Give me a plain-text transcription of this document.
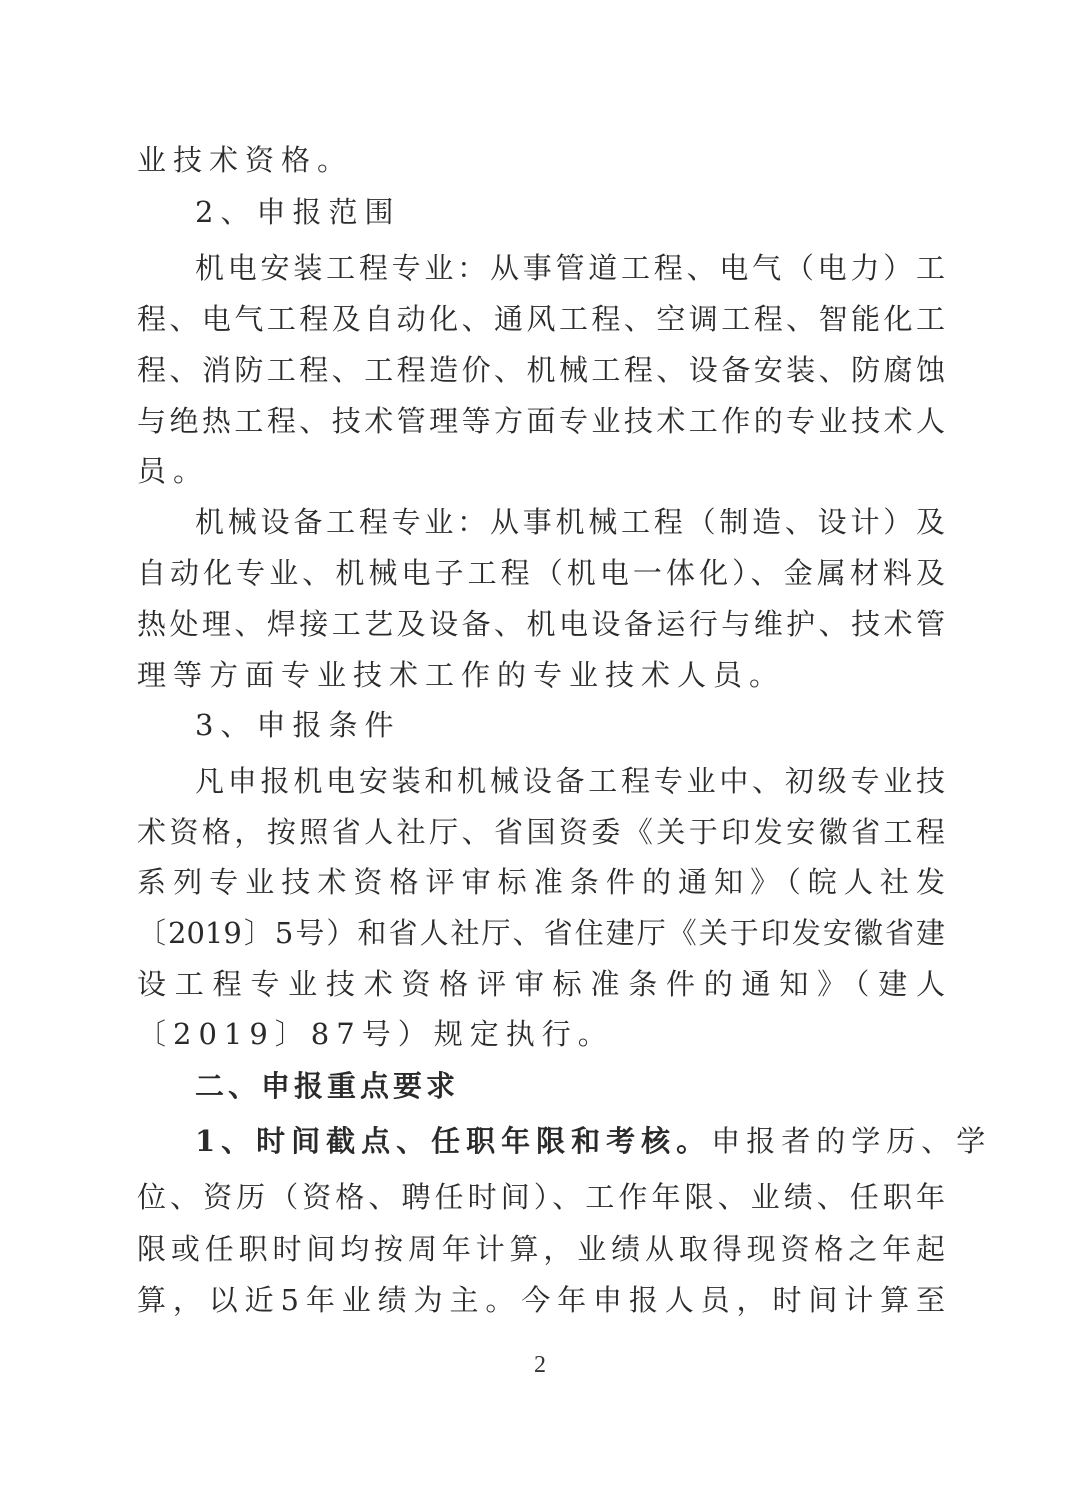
业技术资格。
2、申报范围
机电安装工程专业：从事管道工程、电气（电力）工
程、电气工程及自动化、通风工程、空调工程、智能化工
程、消防工程、工程造价、机械工程、设备安装、防腐蚀
与绝热工程、技术管理等方面专业技术工作的专业技术人
员。
机械设备工程专业：从事机械工程（制造、设计）及
自动化专业、机械电子工程（机电一体化）、金属材料及
热处理、焊接工艺及设备、机电设备运行与维护、技术管
理等方面专业技术工作的专业技术人员。
3、申报条件
凡申报机电安装和机械设备工程专业中、初级专业技
术资格，按照省人社厅、省国资委《关于印发安徽省工程
系列专业技术资格评审标准条件的通知》（皖人社发
〔2019〕5号）和省人社厅、省住建厅《关于印发安徽省建
设工程专业技术资格评审标准条件的通知》（建人
〔2019〕87号）规定执行。
二、申报重点要求
1、时间截点、任职年限和考核。 申报者的学历、学
位、资历（资格、聘任时间）、工作年限、业绩、任职年
限或任职时间均按周年计算，业绩从取得现资格之年起
算，以近5年业绩为主。今年申报人员，时间计算至
2
